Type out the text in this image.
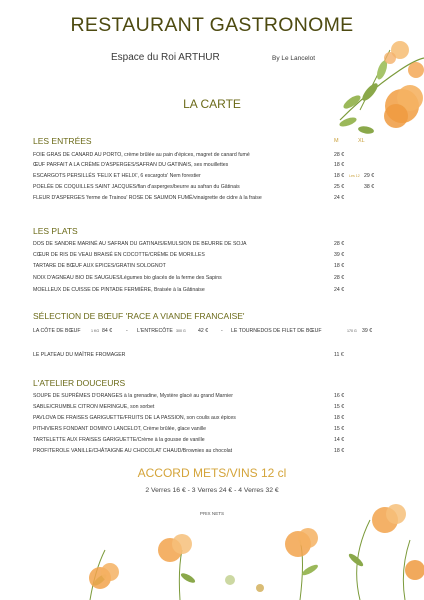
RESTAURANT GASTRONOME
Espace du Roi ARTHUR	By Le Lancelot
LA CARTE
LES ENTRÉES	M	XL
FOIE GRAS DE CANARD AU PORTO, crème brûlée au pain d'épices, magret de canard fumé	28 €
ŒUF PARFAIT A LA CRÈME D'ASPERGES/SAFRAN DU GATINAIS, ses mouillettes	18 €
ESCARGOTS PERSILLÉS 'FELIX ET HELIX', 6 escargots' Nem forestier	18 € Les 12 29 €
POELÉE DE COQUILLES SAINT JACQUES/flan d'asperges/beurre au safran du Gâtinais	25 €	38 €
FLEUR D'ASPERGES 'ferme de Trainou' ROSE DE SAUMON FUMÉ/vinaigrette de cidre à la fraise	24 €
LES PLATS
DOS DE SANDRE MARINÉ AU SAFRAN DU GATINAIS/EMULSION DE BEURRE DE SOJA	28 €
CŒUR DE RIS DE VEAU BRAISÉ EN COCOTTE/CRÈME DE MORILLES	39 €
TARTARE DE BŒUF AUX EPICES/GRATIN SOLOGNOT	18 €
NOIX D'AGNEAU BIO DE SAUGUES/Légumes bio glacés de la ferme des Sapins	28 €
MOELLEUX DE CUISSE DE PINTADE FERMIÈRE, Braisée à la Gâtinaise	24 €
SÉLECTION DE BŒUF 'RACE A VIANDE FRANCAISE'
LA CÔTE DE BŒUF	1 KG 84 €	- L'ENTRECÔTE 300 G 42 € - LE TOURNEDOS DE FILET DE BŒUF	170 G 39 €
LE PLATEAU DU MAÎTRE FROMAGER	11 €
L'ATELIER DOUCEURS
SOUPE DE SUPRÊMES D'ORANGES à la grenadine, Mystère glacé au grand Marnier	16 €
SABLE/CRUMBLE CITRON MERINGUE, son sorbet	15 €
PAVLOVA DE FRAISES GARIGUETTE/FRUITS DE LA PASSION, son coulis aux épices	18 €
PITHIVIERS FONDANT DOMIN'O LANCELOT, Crème brûlée, glace vanille	15 €
TARTELETTE AUX FRAISES GARIGUETTE/Crème à la gousse de vanille	14 €
PROFITEROLE VANILLE/CHÂTAIGNE AU CHOCOLAT CHAUD/Brownies au chocolat	18 €
ACCORD METS/VINS 12 cl
2 Verres 16 € - 3 Verres 24 € - 4 Verres 32 €
PRIX NETS
